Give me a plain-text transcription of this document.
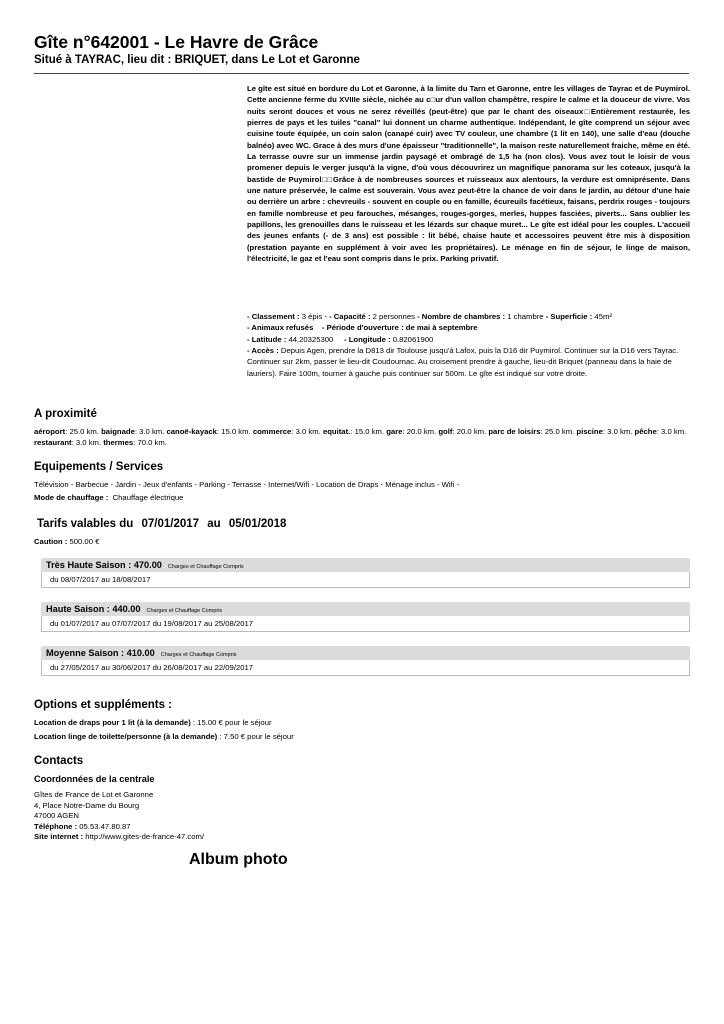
Gîte n°642001 - Le Havre de Grâce
Situé à TAYRAC, lieu dit : BRIQUET, dans Le Lot et Garonne

Le gîte est situé en bordure du Lot et Garonne, à la limite du Tarn et Garonne, entre les villages de Tayrac et de Puymirol. Cette ancienne ferme du XVIIIe siècle, nichée au c□ur d'un vallon champêtre, respire le calme et la douceur de vivre. Vos nuits seront douces et vous ne serez réveillés (peut-être) que par le chant des oiseaux□Entièrement restaurée, les pierres de pays et les tuiles "canal" lui donnent un charme authentique. Indépendant, le gîte comprend un séjour avec cuisine toute équipée, un coin salon (canapé cuir) avec TV couleur, une chambre (1 lit en 140), une salle d'eau (douche balnéo) avec WC. Grace à des murs d'une épaisseur "traditionnelle", la maison reste naturellement fraiche, même en été. La terrasse ouvre sur un immense jardin paysagé et ombragé de 1,5 ha (non clos). Vous avez tout le loisir de vous promener depuis le verger jusqu'à la vigne, d'où vous découvrirez un magnifique panorama sur les coteaux, jusqu'à la bastide de Puymirol□□Grâce à de nombreuses sources et ruisseaux aux alentours, la verdure est omniprésente. Dans une nature préservée, le calme est souverain. Vous avez peut-être la chance de voir dans le jardin, au détour d'une haie ou derrière un arbre : chevreuils - souvent en couple ou en famille, écureuils facétieux, faisans, perdrix rouges - toujours en famille nombreuse et peu farouches, mésanges, rouges-gorges, merles, huppes fasciées, piverts... Sans oublier les papillons, les grenouilles dans le ruisseau et les lézards sur chaque muret... Le gîte est idéal pour les couples. L'accueil des jeunes enfants (- de 3 ans) est possible : lit bébé, chaise haute et accessoires peuvent être mis à disposition (prestation payante en supplément à voir avec les propriétaires). Le ménage en fin de séjour, le linge de maison, l'électricité, le gaz et l'eau sont compris dans le prix. Parking privatif.

- Classement : 3 épis - - Capacité : 2 personnes - Nombre de chambres : 1 chambre - Superficie : 45m²
- Animaux refusés - Période d'ouverture : de mai à septembre
- Latitude : 44.20325300 - Longitude : 0.82061900
- Accès : Depuis Agen, prendre la D813 dir Toulouse jusqu'à Lafox, puis la D16 dir Puymirol. Continuer sur la D16 vers Tayrac. Continuer sur 2km, passer le lieu-dit Coudournac. Au croisement prendre à gauche, lieu-dit Briquet (panneau dans la haie de lauriers). Faire 100m, tourner à gauche puis continuer sur 500m. Le gîte est indiqué sur votre droite.
A proximité
aéroport: 25.0 km. baignade: 3.0 km. canoë-kayack: 15.0 km. commerce: 3.0 km. equitat.: 15.0 km. gare: 20.0 km. golf: 20.0 km. parc de loisirs: 25.0 km. piscine: 3.0 km. pêche: 3.0 km. restaurant: 3.0 km. thermes: 70.0 km.
Equipements / Services
Télévision - Barbecue - Jardin - Jeux d'enfants - Parking - Terrasse - Internet/Wifi - Location de Draps - Ménage inclus - Wifi -
Mode de chauffage : Chauffage électrique
Tarifs valables du 07/01/2017 au 05/01/2018
Caution : 500.00 €
Très Haute Saison : 470.00 Charges et Chauffage Compris
du 08/07/2017 au 18/08/2017
Haute Saison : 440.00 Charges et Chauffage Compris
du 01/07/2017 au 07/07/2017 du 19/08/2017 au 25/08/2017
Moyenne Saison : 410.00 Charges et Chauffage Compris
du 27/05/2017 au 30/06/2017 du 26/08/2017 au 22/09/2017
Options et suppléments :
Location de draps pour 1 lit (à la demande) : 15.00 € pour le séjour
Location linge de toilette/personne (à la demande) : 7.50 € pour le séjour
Contacts
Coordonnées de la centrale
Gîtes de France de Lot et Garonne
4, Place Notre-Dame du Bourg
47000 AGEN
Téléphone : 05.53.47.80.87
Site internet : http://www.gites-de-france-47.com/
Album photo
